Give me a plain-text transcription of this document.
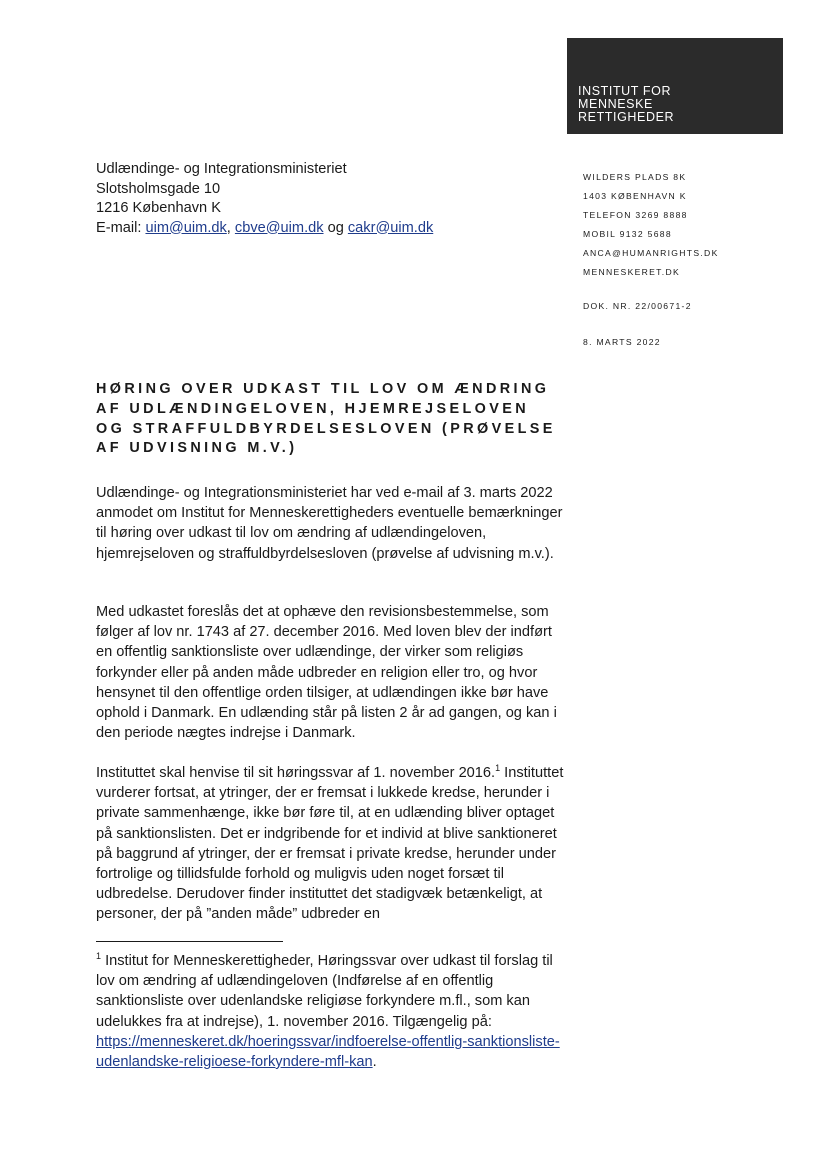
INSTITUT FOR
MENNESKE
RETTIGHEDER
Udlændinge- og Integrationsministeriet
Slotsholmsgade 10
1216 København K
E-mail: uim@uim.dk, cbve@uim.dk og cakr@uim.dk
WILDERS PLADS 8K
1403 KØBENHAVN K
TELEFON 3269 8888
MOBIL 9132 5688
ANCA@HUMANRIGHTS.DK
MENNESKERET.DK
DOK. NR. 22/00671-2
8. MARTS 2022
HØRING OVER UDKAST TIL LOV OM ÆNDRING AF UDLÆNDINGELOVEN, HJEMREJSELOVEN OG STRAFFULDBYRDELSESLOVEN (PRØVELSE AF UDVISNING M.V.)

Udlændinge- og Integrationsministeriet har ved e-mail af 3. marts 2022 anmodet om Institut for Menneskerettigheders eventuelle bemærkninger til høring over udkast til lov om ændring af udlændingeloven, hjemrejseloven og straffuldbyrdelsesloven (prøvelse af udvisning m.v.).

Med udkastet foreslås det at ophæve den revisionsbestemmelse, som følger af lov nr. 1743 af 27. december 2016. Med loven blev der indført en offentlig sanktionsliste over udlændinge, der virker som religiøs forkynder eller på anden måde udbreder en religion eller tro, og hvor hensynet til den offentlige orden tilsiger, at udlændingen ikke bør have ophold i Danmark. En udlænding står på listen 2 år ad gangen, og kan i den periode nægtes indrejse i Danmark.

Instituttet skal henvise til sit høringssvar af 1. november 2016.$^1$ Instituttet vurderer fortsat, at ytringer, der er fremsat i lukkede kredse, herunder i private sammenhænge, ikke bør føre til, at en udlænding bliver optaget på sanktionslisten. Det er indgribende for et individ at blive sanktioneret på baggrund af ytringer, der er fremsat i private kredse, herunder under fortrolige og tillidsfulde forhold og muligvis uden noget forsæt til udbredelse. Derudover finder instituttet det stadigvæk betænkeligt, at personer, der på ”anden måde” udbreder en

$^1$ Institut for Menneskerettigheder, Høringssvar over udkast til forslag til lov om ændring af udlændingeloven (Indførelse af en offentlig sanktionsliste over udenlandske religiøse forkyndere m.fl., som kan udelukkes fra at indrejse), 1. november 2016. Tilgængelig på: https://menneskeret.dk/hoeringssvar/indfoerelse-offentlig-sanktionsliste-udenlandske-religioese-forkyndere-mfl-kan.
